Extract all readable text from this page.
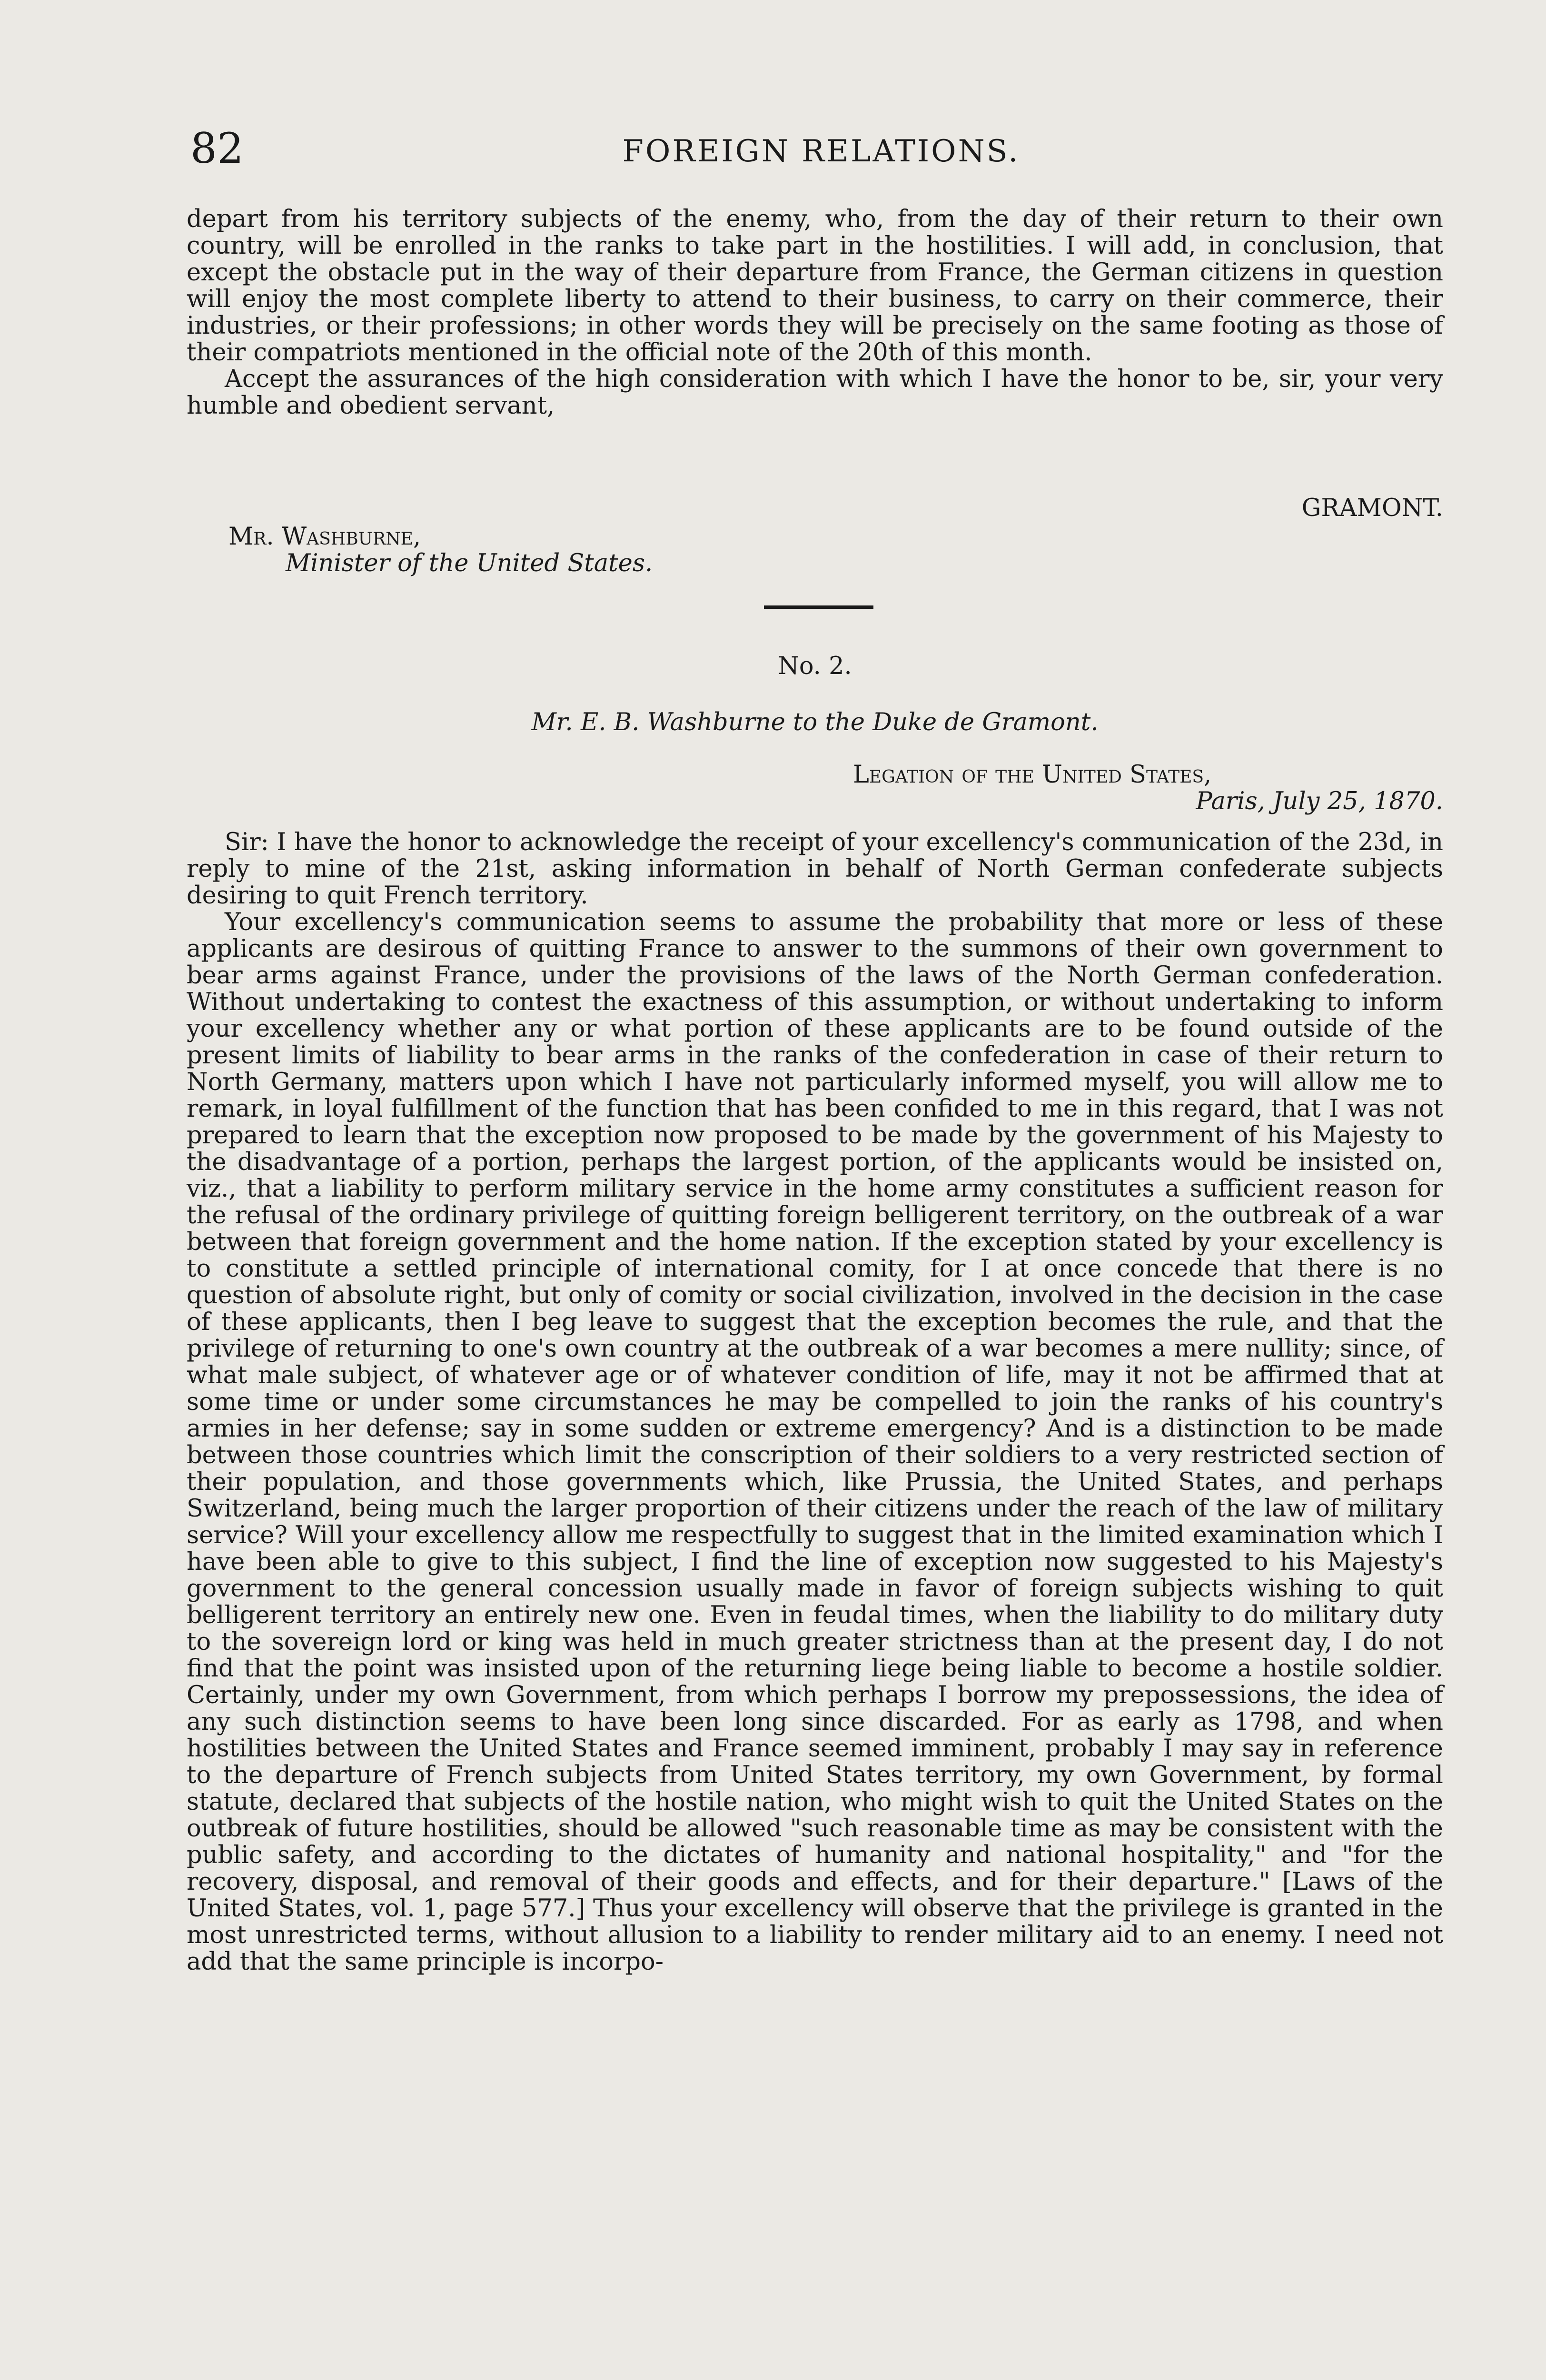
82	FOREIGN RELATIONS.

depart from his territory subjects of the enemy, who, from the day of their return to their own country, will be enrolled in the ranks to take part in the hostilities. I will add, in conclusion, that except the obstacle put in the way of their departure from France, the German citizens in question will enjoy the most complete liberty to attend to their business, to carry on their commerce, their industries, or their professions; in other words they will be precisely on the same footing as those of their compatriots mentioned in the official note of the 20th of this month.

Accept the assurances of the high consideration with which I have the honor to be, sir, your very humble and obedient servant,

GRAMONT.
Mr. Washburne,
Minister of the United States.
No. 2.
Mr. E. B. Washburne to the Duke de Gramont.
Legation of the United States,
Paris, July 25, 1870.

Sir: I have the honor to acknowledge the receipt of your excellency's communication of the 23d, in reply to mine of the 21st, asking information in behalf of North German confederate subjects desiring to quit French territory.

Your excellency's communication seems to assume the probability that more or less of these applicants are desirous of quitting France to answer to the summons of their own government to bear arms against France, under the provisions of the laws of the North German confederation. Without undertaking to contest the exactness of this assumption, or without undertaking to inform your excellency whether any or what portion of these applicants are to be found outside of the present limits of liability to bear arms in the ranks of the confederation in case of their return to North Germany, matters upon which I have not particularly informed myself, you will allow me to remark, in loyal fulfillment of the function that has been confided to me in this regard, that I was not prepared to learn that the exception now proposed to be made by the government of his Majesty to the disadvantage of a portion, perhaps the largest portion, of the applicants would be insisted on, viz., that a liability to perform military service in the home army constitutes a sufficient reason for the refusal of the ordinary privilege of quitting foreign belligerent territory, on the outbreak of a war between that foreign government and the home nation. If the exception stated by your excellency is to constitute a settled principle of international comity, for I at once concede that there is no question of absolute right, but only of comity or social civilization, involved in the decision in the case of these applicants, then I beg leave to suggest that the exception becomes the rule, and that the privilege of returning to one's own country at the outbreak of a war becomes a mere nullity; since, of what male subject, of whatever age or of whatever condition of life, may it not be affirmed that at some time or under some circumstances he may be compelled to join the ranks of his country's armies in her defense; say in some sudden or extreme emergency? And is a distinction to be made between those countries which limit the conscription of their soldiers to a very restricted section of their population, and those governments which, like Prussia, the United States, and perhaps Switzerland, being much the larger proportion of their citizens under the reach of the law of military service? Will your excellency allow me respectfully to suggest that in the limited examination which I have been able to give to this subject, I find the line of exception now suggested to his Majesty's government to the general concession usually made in favor of foreign subjects wishing to quit belligerent territory an entirely new one. Even in feudal times, when the liability to do military duty to the sovereign lord or king was held in much greater strictness than at the present day, I do not find that the point was insisted upon of the returning liege being liable to become a hostile soldier. Certainly, under my own Government, from which perhaps I borrow my prepossessions, the idea of any such distinction seems to have been long since discarded. For as early as 1798, and when hostilities between the United States and France seemed imminent, probably I may say in reference to the departure of French subjects from United States territory, my own Government, by formal statute, declared that subjects of the hostile nation, who might wish to quit the United States on the outbreak of future hostilities, should be allowed "such reasonable time as may be consistent with the public safety, and according to the dictates of humanity and national hospitality," and "for the recovery, disposal, and removal of their goods and effects, and for their departure." [Laws of the United States, vol. 1, page 577.] Thus your excellency will observe that the privilege is granted in the most unrestricted terms, without allusion to a liability to render military aid to an enemy. I need not add that the same principle is incorpo-
